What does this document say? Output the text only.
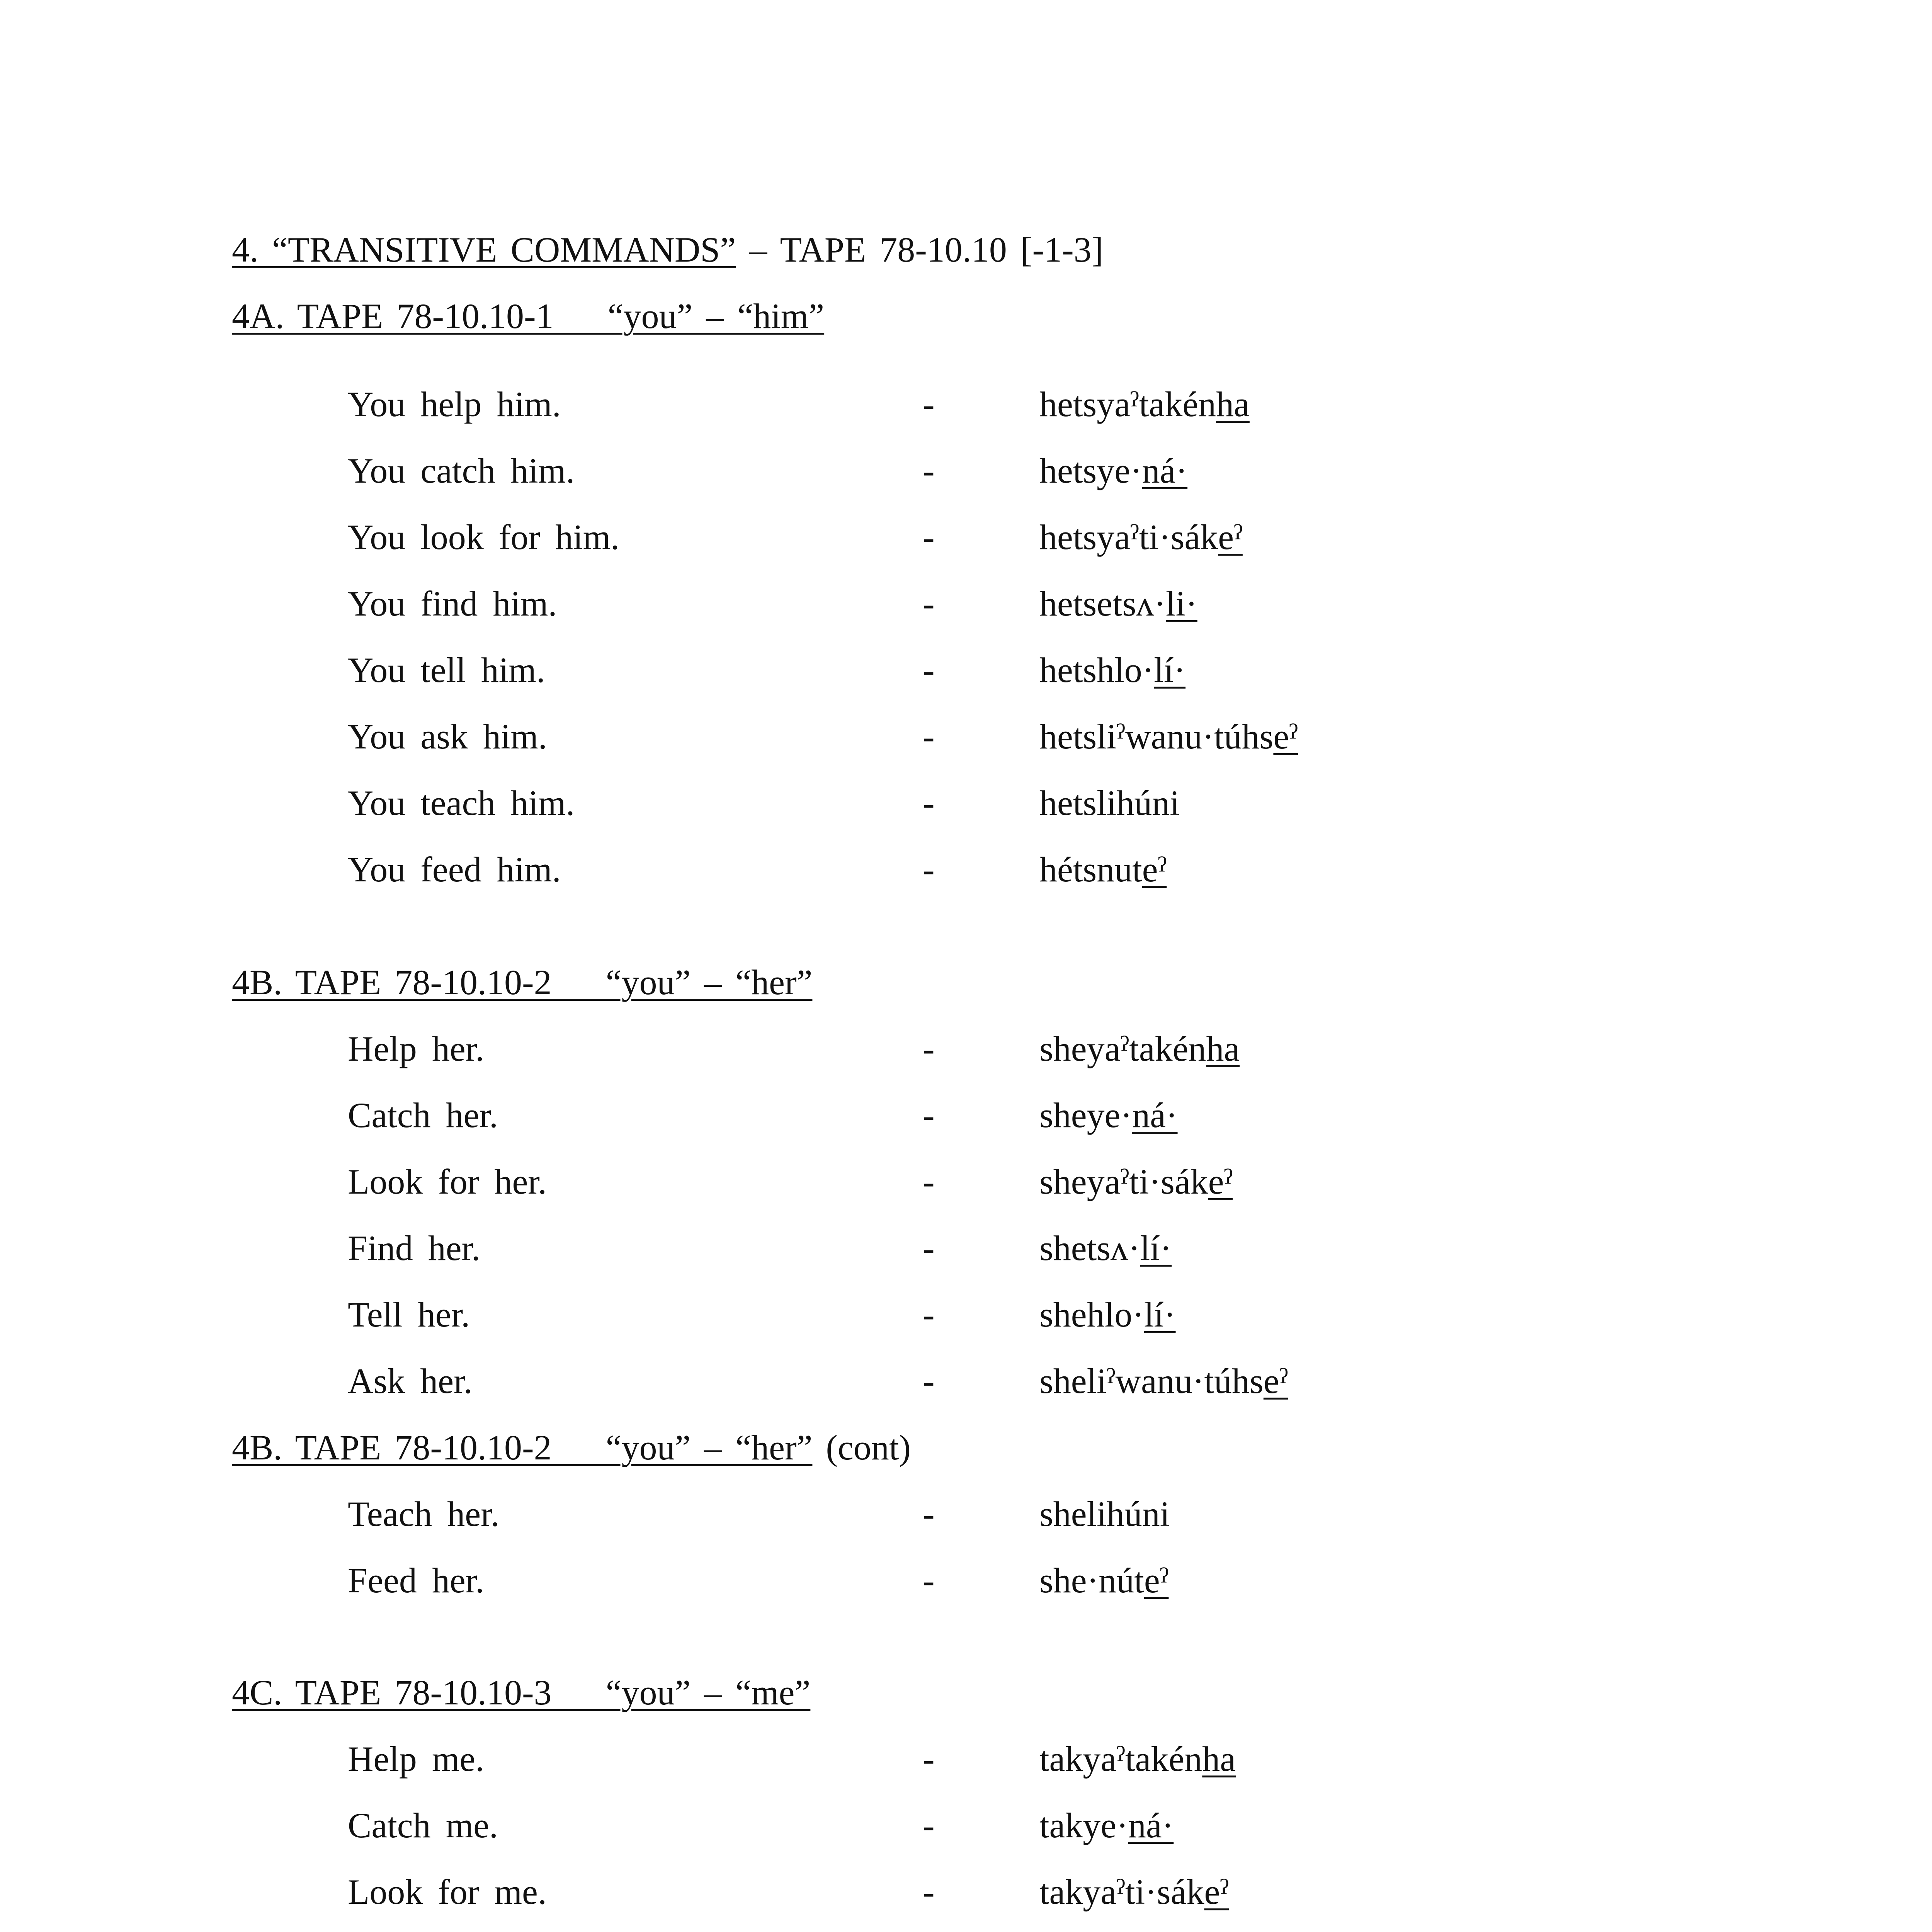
4. “TRANSITIVE COMMANDS” – TAPE 78-10.10 [-1-3]
4A. TAPE 78-10.10-1    “you” – “him”
You help him.	-	hetsyaˀtakénha
You catch him.	-	hetsye·ná·
You look for him.	-	hetsyaˀti·sákeˀ
You find him.	-	hetsetsʌ·li·
You tell him.	-	hetshlo·lí·
You ask him.	-	hetsliˀwanu·túhseˀ
You teach him.	-	hetslihúni
You feed him.	-	hétsnuteˀ
4B. TAPE 78-10.10-2    “you” – “her”
Help her.	-	sheyaˀtakénha
Catch her.	-	sheye·ná·
Look for her.	-	sheyaˀti·sákeˀ
Find her.	-	shetsʌ·lí·
Tell her.	-	shehlo·lí·
Ask her.	-	sheliˀwanu·túhseˀ
4B. TAPE 78-10.10-2    “you” – “her” (cont)
Teach her.	-	shelihúni
Feed her.	-	she·núteˀ
4C. TAPE 78-10.10-3    “you” – “me”
Help me.	-	takyaˀtakénha
Catch me.	-	takye·ná·
Look for me.	-	takyaˀti·sákeˀ
